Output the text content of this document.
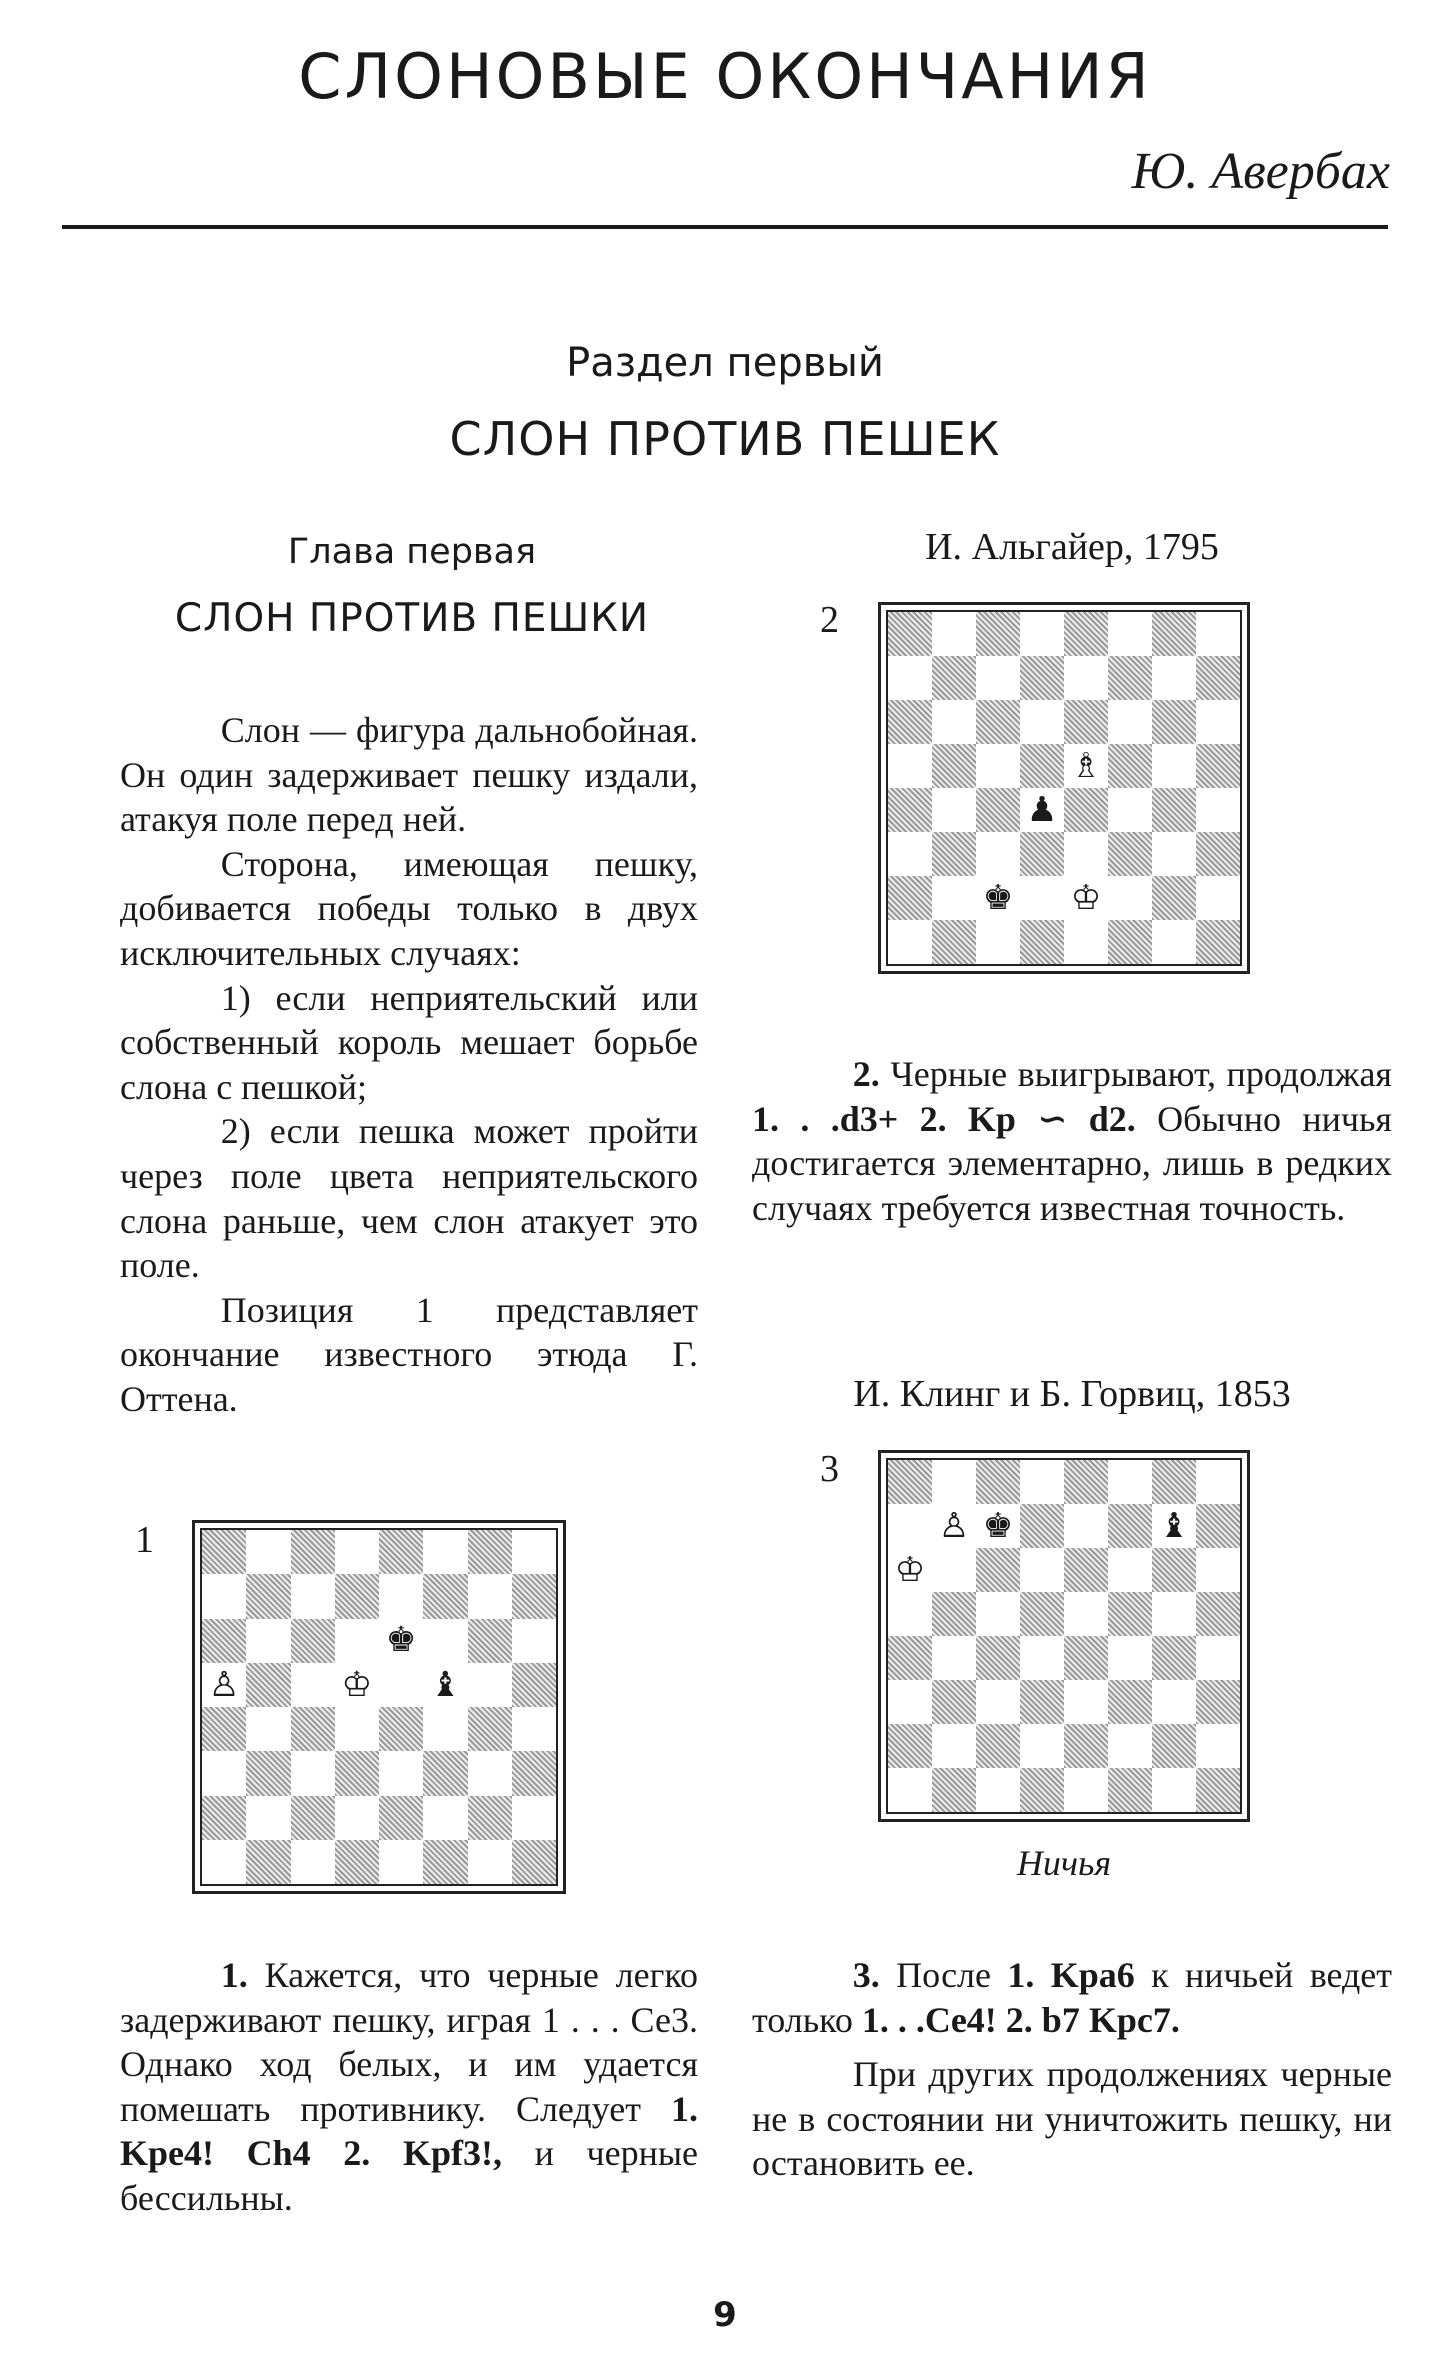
СЛОНОВЫЕ ОКОНЧАНИЯ
Ю. Авербах
Раздел первый
СЛОН ПРОТИВ ПЕШЕК
Глава первая
СЛОН ПРОТИВ ПЕШКИ

Слон — фигура дальнобойная. Он один задерживает пешку издали, атакуя поле перед ней.

Сторона, имеющая пешку, добивается победы только в двух исключительных случаях:

1) если неприятельский или собственный король мешает борьбе слона с пешкой;

2) если пешка может пройти через поле цвета неприятельского слона раньше, чем слон атакует это поле.

Позиция 1 представляет окончание известного этюда Г. Оттена.

1
♚
♙	♔ ♝

1. Кажется, что черные легко задерживают пешку, играя 1 . . . Се3. Однако ход белых, и им удается помешать противнику. Следует 1. Kpe4! Ch4 2. Kpf3!, и черные бессильны.

И. Альгайер, 1795
2
♗
♟
♚ ♔

2. Черные выигрывают, продолжая 1. . .d3+ 2. Kp ∽ d2. Обычно ничья достигается элементарно, лишь в редких случаях требуется известная точность.

И. Клинг и Б. Горвиц, 1853
3
♙ ♚	♝
♔
Ничья

3. После 1. Kpa6 к ничьей ведет только 1. . .Ce4! 2. b7 Kpc7.

При других продолжениях черные не в состоянии ни уничтожить пешку, ни остановить ее.

9
